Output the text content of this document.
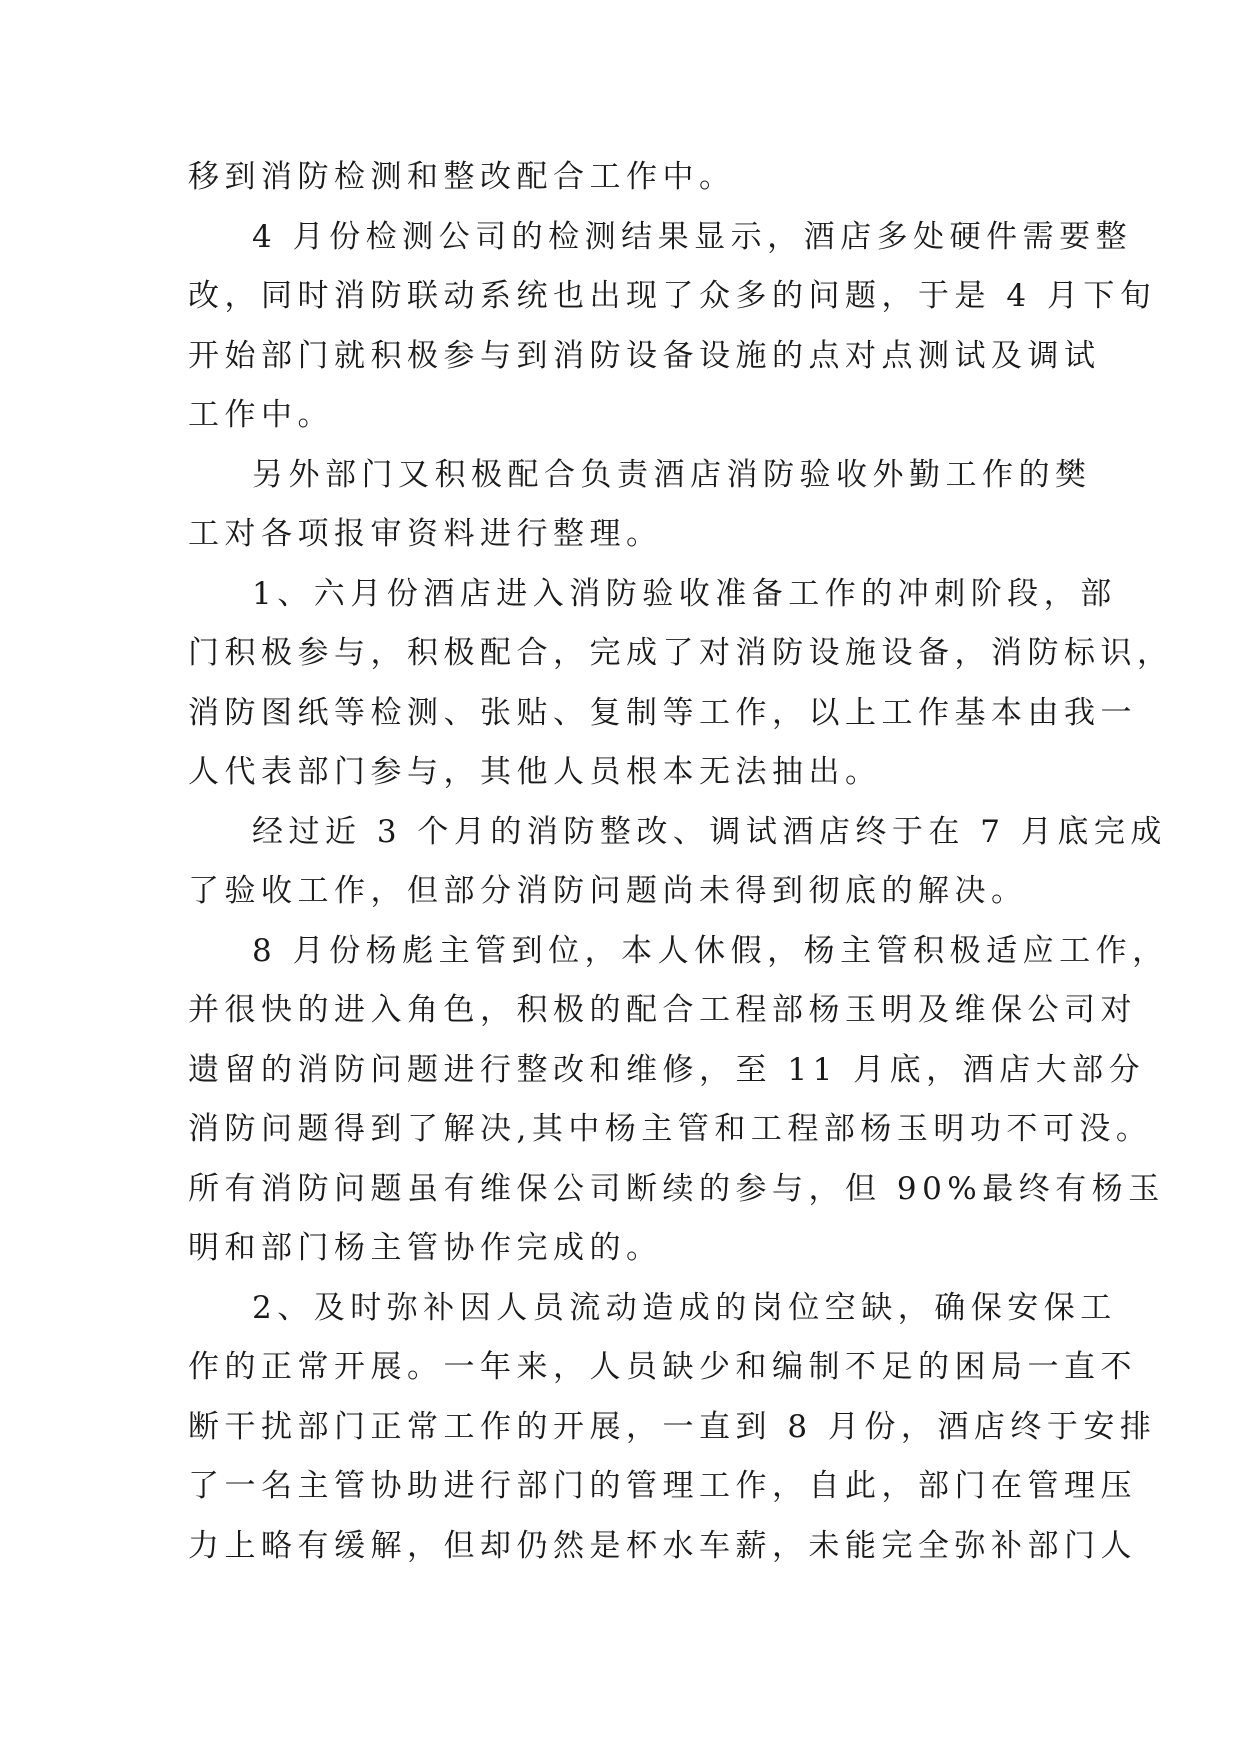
移到消防检测和整改配合工作中。

4 月份检测公司的检测结果显示，酒店多处硬件需要整
改，同时消防联动系统也出现了众多的问题，于是 4 月下旬
开始部门就积极参与到消防设备设施的点对点测试及调试
工作中。

另外部门又积极配合负责酒店消防验收外勤工作的樊
工对各项报审资料进行整理。

1、六月份酒店进入消防验收准备工作的冲刺阶段，部
门积极参与，积极配合，完成了对消防设施设备，消防标识，
消防图纸等检测、张贴、复制等工作，以上工作基本由我一
人代表部门参与，其他人员根本无法抽出。

经过近 3 个月的消防整改、调试酒店终于在 7 月底完成
了验收工作，但部分消防问题尚未得到彻底的解决。

8 月份杨彪主管到位，本人休假，杨主管积极适应工作，
并很快的进入角色，积极的配合工程部杨玉明及维保公司对
遗留的消防问题进行整改和维修，至 11 月底，酒店大部分
消防问题得到了解决,其中杨主管和工程部杨玉明功不可没。
所有消防问题虽有维保公司断续的参与，但 90%最终有杨玉
明和部门杨主管协作完成的。

2、及时弥补因人员流动造成的岗位空缺，确保安保工
作的正常开展。一年来，人员缺少和编制不足的困局一直不
断干扰部门正常工作的开展，一直到 8 月份，酒店终于安排
了一名主管协助进行部门的管理工作，自此，部门在管理压
力上略有缓解，但却仍然是杯水车薪，未能完全弥补部门人
